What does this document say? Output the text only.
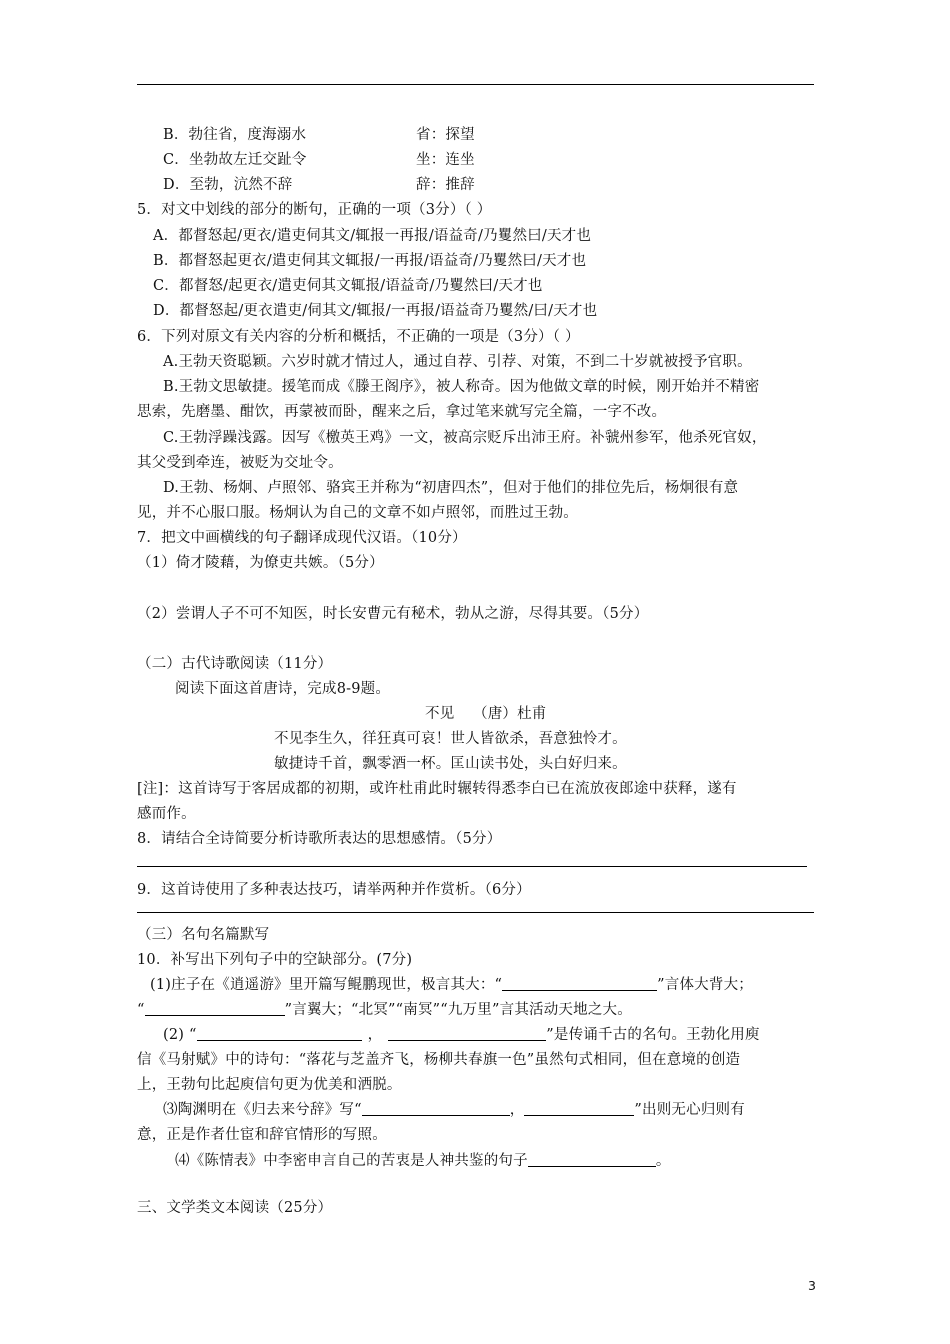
B．勃往省，度海溺水	省：探望
C．坐勃故左迁交趾令	坐：连坐
D．至勃，沆然不辞	辞：推辞
5．对文中划线的部分的断句，正确的一项（3分）（ ）
A．都督怒起/更衣/遣吏伺其文/辄报一再报/语益奇/乃矍然曰/天才也
B．都督怒起更衣/遣吏伺其文辄报/一再报/语益奇/乃矍然曰/天才也
C．都督怒/起更衣/遣吏伺其文辄报/语益奇/乃矍然曰/天才也
D．都督怒起/更衣遣吏/伺其文/辄报/一再报/语益奇乃矍然/曰/天才也
6．下列对原文有关内容的分析和概括，不正确的一项是（3分）（ ）
A.王勃天资聪颖。六岁时就才情过人，通过自荐、引荐、对策，不到二十岁就被授予官职。
B.王勃文思敏捷。援笔而成《滕王阁序》，被人称奇。因为他做文章的时候，刚开始并不精密
思索，先磨墨、酣饮，再蒙被而卧，醒来之后，拿过笔来就写完全篇，一字不改。
C.王勃浮躁浅露。因写《檄英王鸡》一文，被高宗贬斥出沛王府。补虢州参军，他杀死官奴，
其父受到牵连，被贬为交址令。
D.王勃、杨炯、卢照邻、骆宾王并称为“初唐四杰”，但对于他们的排位先后，杨炯很有意
见，并不心服口服。杨炯认为自己的文章不如卢照邻，而胜过王勃。
7．把文中画横线的句子翻译成现代汉语。（10分）
（1）倚才陵藉，为僚吏共嫉。（5分）
（2）尝谓人子不可不知医，时长安曹元有秘术，勃从之游，尽得其要。（5分）
（二）古代诗歌阅读（11分）
阅读下面这首唐诗，完成8-9题。
不见 （唐）杜甫
不见李生久，徉狂真可哀！世人皆欲杀，吾意独怜才。
敏捷诗千首，飘零酒一杯。匡山读书处，头白好归来。
[注]：这首诗写于客居成都的初期，或许杜甫此时辗转得悉李白已在流放夜郎途中获释，遂有
感而作。
8．请结合全诗简要分析诗歌所表达的思想感情。（5分）
9．这首诗使用了多种表达技巧，请举两种并作赏析。（6分）
（三）名句名篇默写
10．补写出下列句子中的空缺部分。(7分)
(1)庄子在《逍遥游》里开篇写鲲鹏现世，极言其大：“	”言体大背大；
“	”言翼大；“北冥”“南冥”“九万里”言其活动天地之大。
(2) “	，	”是传诵千古的名句。王勃化用庾
信《马射赋》中的诗句：“落花与芝盖齐飞，杨柳共春旗一色”虽然句式相同，但在意境的创造
上，王勃句比起庾信句更为优美和洒脱。
⑶陶渊明在《归去来兮辞》写“	，	”出则无心归则有
意，正是作者仕宦和辞官情形的写照。
⑷《陈情表》中李密申言自己的苦衷是人神共鉴的句子	。
三、文学类文本阅读（25分）
3
